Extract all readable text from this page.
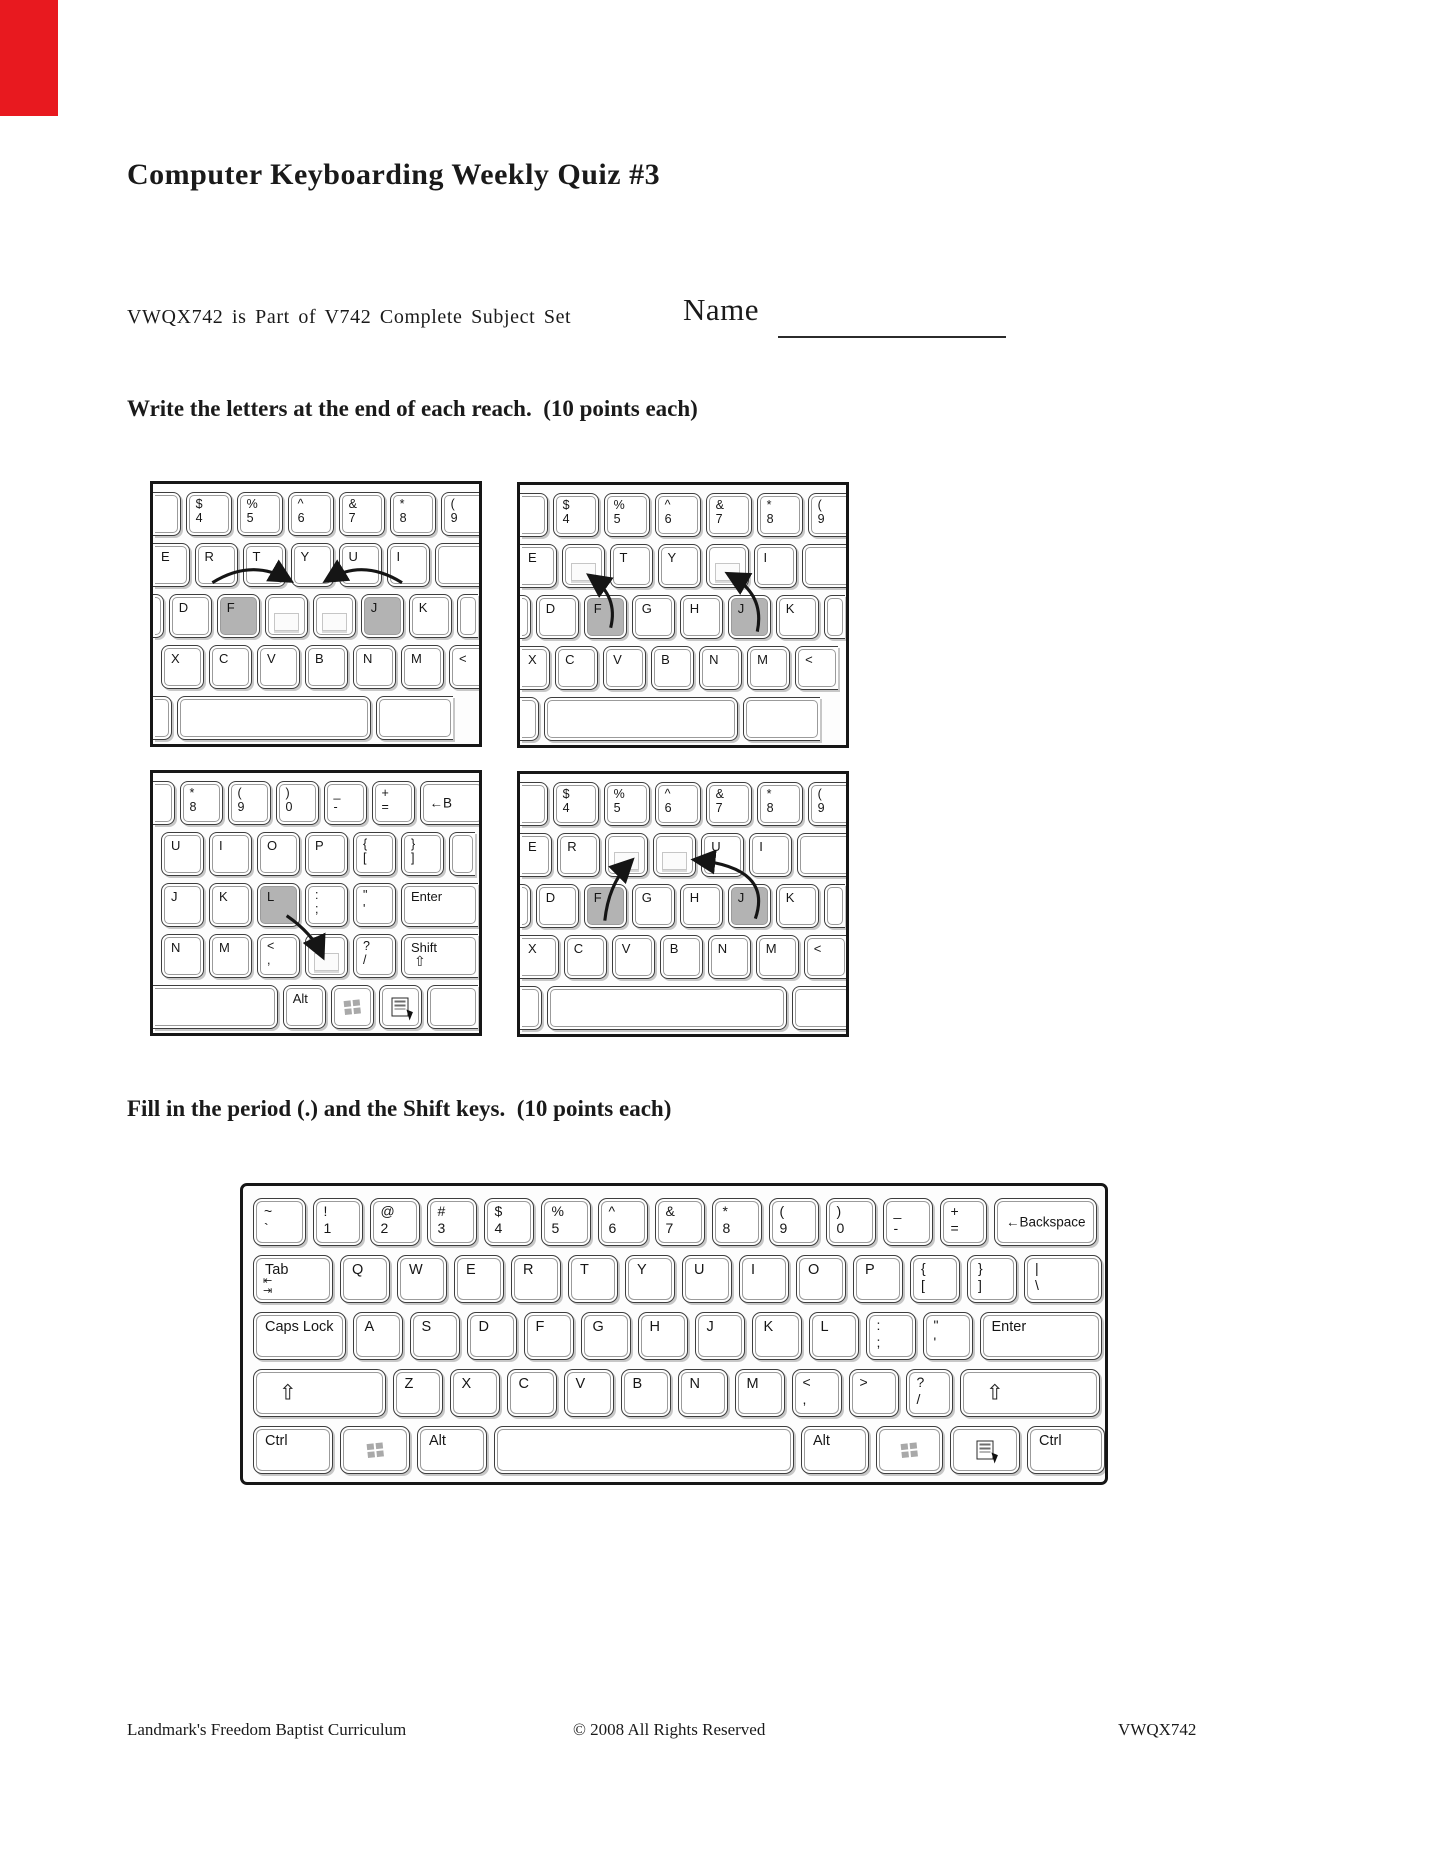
Computer Keyboarding Weekly Quiz #3
VWQX742 is Part of V742 Complete Subject Set	Name
Write the letters at the end of each reach.  (10 points each)
$
4
%
5
^
6
&
7
*
8
(
9
E	R	T	Y	U	I
D	F	J	K
X	C	V	B	N	M	<
$
4
%
5
^
6
&
7
*
8
(
9
E	T	Y	I
D	F	G	H	J	K
X C	V	B	N	M	<
*
8
(
9
)
0
_
-
+
=	←B
U	I	O	P	{
[
}
]
J	K	L	:
;
"
'
Enter
N	M	<
,
?
/
Shift
⇧
Alt
$
4
%
5
^
6
&
7
*
8
(
9
E R	U	I
D	F	G	H	J	K
X	C	V	B	N	M	<
Fill in the period (.) and the Shift keys.  (10 points each)
~
`
!
1
@
2
#
3
$
4
%
5
^
6
&
7
*
8
(
9
)
0
_
-
+
=	←Backspace
Tab
⇤
⇥
Q	W	E	R	T	Y	U	I	O	P	{
[
}
]
|
\
Caps Lock A	S	D	F	G	H	J	K	L	:
;
"
'
Enter
⇧	Z	X	C	V	B	N	M	<
,
>	?
/	⇧
Ctrl	Alt	Alt	Ctrl
Landmark's Freedom Baptist Curriculum	© 2008 All Rights Reserved	VWQX742
